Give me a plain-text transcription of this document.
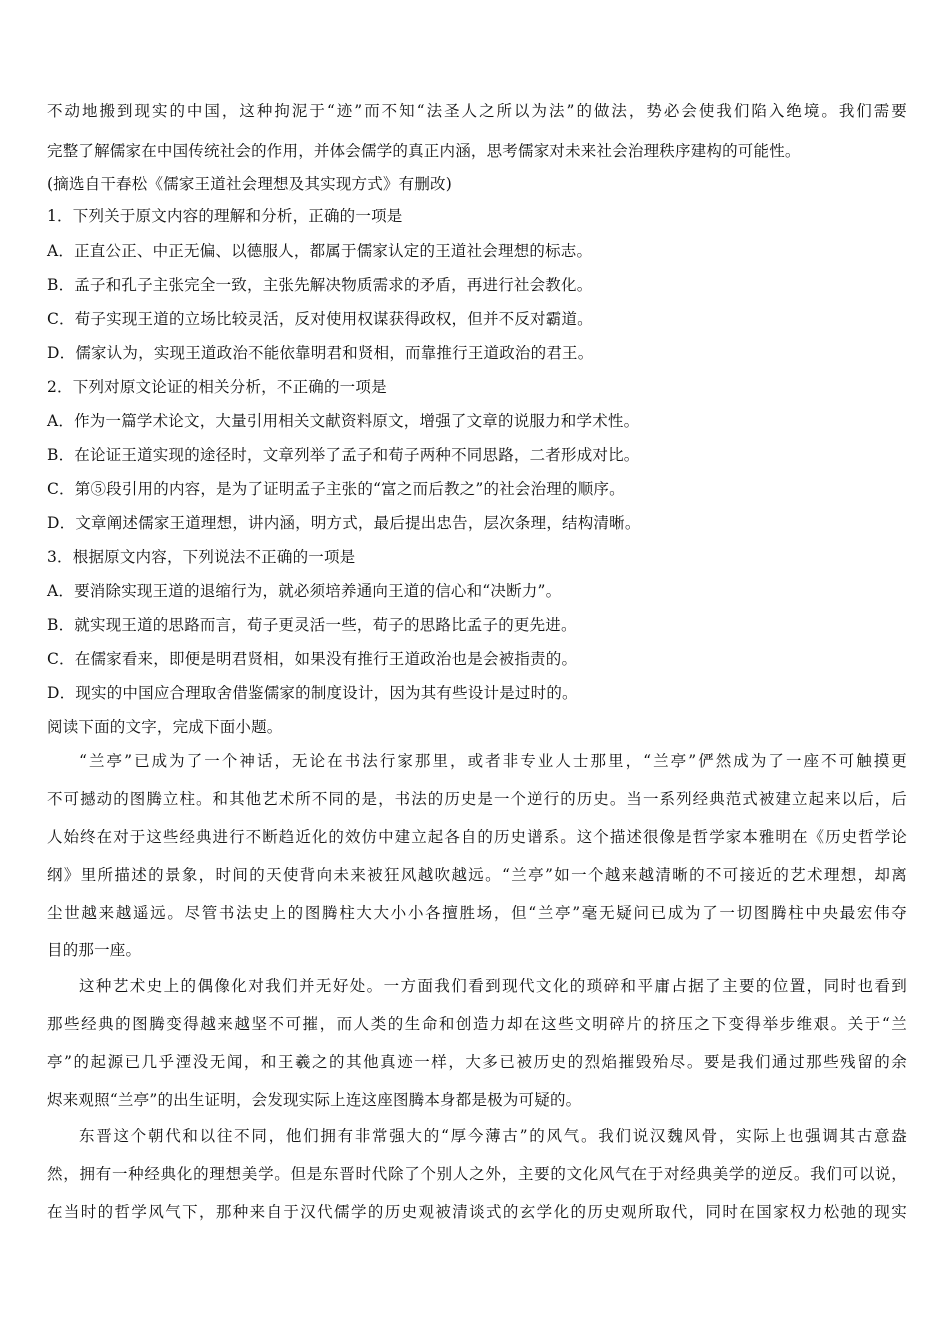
不动地搬到现实的中国，这种拘泥于“迹”而不知“法圣人之所以为法”的做法，势必会使我们陷入绝境。我们需要
完整了解儒家在中国传统社会的作用，并体会儒学的真正内涵，思考儒家对未来社会治理秩序建构的可能性。
(摘选自干春松《儒家王道社会理想及其实现方式》有删改)
1．下列关于原文内容的理解和分析，正确的一项是
A．正直公正、中正无偏、以德服人，都属于儒家认定的王道社会理想的标志。
B．孟子和孔子主张完全一致，主张先解决物质需求的矛盾，再进行社会教化。
C．荀子实现王道的立场比较灵活，反对使用权谋获得政权，但并不反对霸道。
D．儒家认为，实现王道政治不能依靠明君和贤相，而靠推行王道政治的君王。
2．下列对原文论证的相关分析，不正确的一项是
A．作为一篇学术论文，大量引用相关文献资料原文，增强了文章的说服力和学术性。
B．在论证王道实现的途径时，文章列举了孟子和荀子两种不同思路，二者形成对比。
C．第⑤段引用的内容，是为了证明孟子主张的“富之而后教之”的社会治理的顺序。
D．文章阐述儒家王道理想，讲内涵，明方式，最后提出忠告，层次条理，结构清晰。
3．根据原文内容，下列说法不正确的一项是
A．要消除实现王道的退缩行为，就必须培养通向王道的信心和“决断力”。
B．就实现王道的思路而言，荀子更灵活一些，荀子的思路比孟子的更先进。
C．在儒家看来，即便是明君贤相，如果没有推行王道政治也是会被指责的。
D．现实的中国应合理取舍借鉴儒家的制度设计，因为其有些设计是过时的。
阅读下面的文字，完成下面小题。
“兰亭”已成为了一个神话，无论在书法行家那里，或者非专业人士那里，“兰亭”俨然成为了一座不可触摸更
不可撼动的图腾立柱。和其他艺术所不同的是，书法的历史是一个逆行的历史。当一系列经典范式被建立起来以后，后
人始终在对于这些经典进行不断趋近化的效仿中建立起各自的历史谱系。这个描述很像是哲学家本雅明在《历史哲学论
纲》里所描述的景象，时间的天使背向未来被狂风越吹越远。“兰亭”如一个越来越清晰的不可接近的艺术理想，却离
尘世越来越遥远。尽管书法史上的图腾柱大大小小各擅胜场，但“兰亭”毫无疑问已成为了一切图腾柱中央最宏伟夺
目的那一座。
这种艺术史上的偶像化对我们并无好处。一方面我们看到现代文化的琐碎和平庸占据了主要的位置，同时也看到
那些经典的图腾变得越来越坚不可摧，而人类的生命和创造力却在这些文明碎片的挤压之下变得举步维艰。关于“兰
亭”的起源已几乎湮没无闻，和王羲之的其他真迹一样，大多已被历史的烈焰摧毁殆尽。要是我们通过那些残留的余
烬来观照“兰亭”的出生证明，会发现实际上连这座图腾本身都是极为可疑的。
东晋这个朝代和以往不同，他们拥有非常强大的“厚今薄古”的风气。我们说汉魏风骨，实际上也强调其古意盎
然，拥有一种经典化的理想美学。但是东晋时代除了个别人之外，主要的文化风气在于对经典美学的逆反。我们可以说，
在当时的哲学风气下，那种来自于汉代儒学的历史观被清谈式的玄学化的历史观所取代，同时在国家权力松弛的现实
